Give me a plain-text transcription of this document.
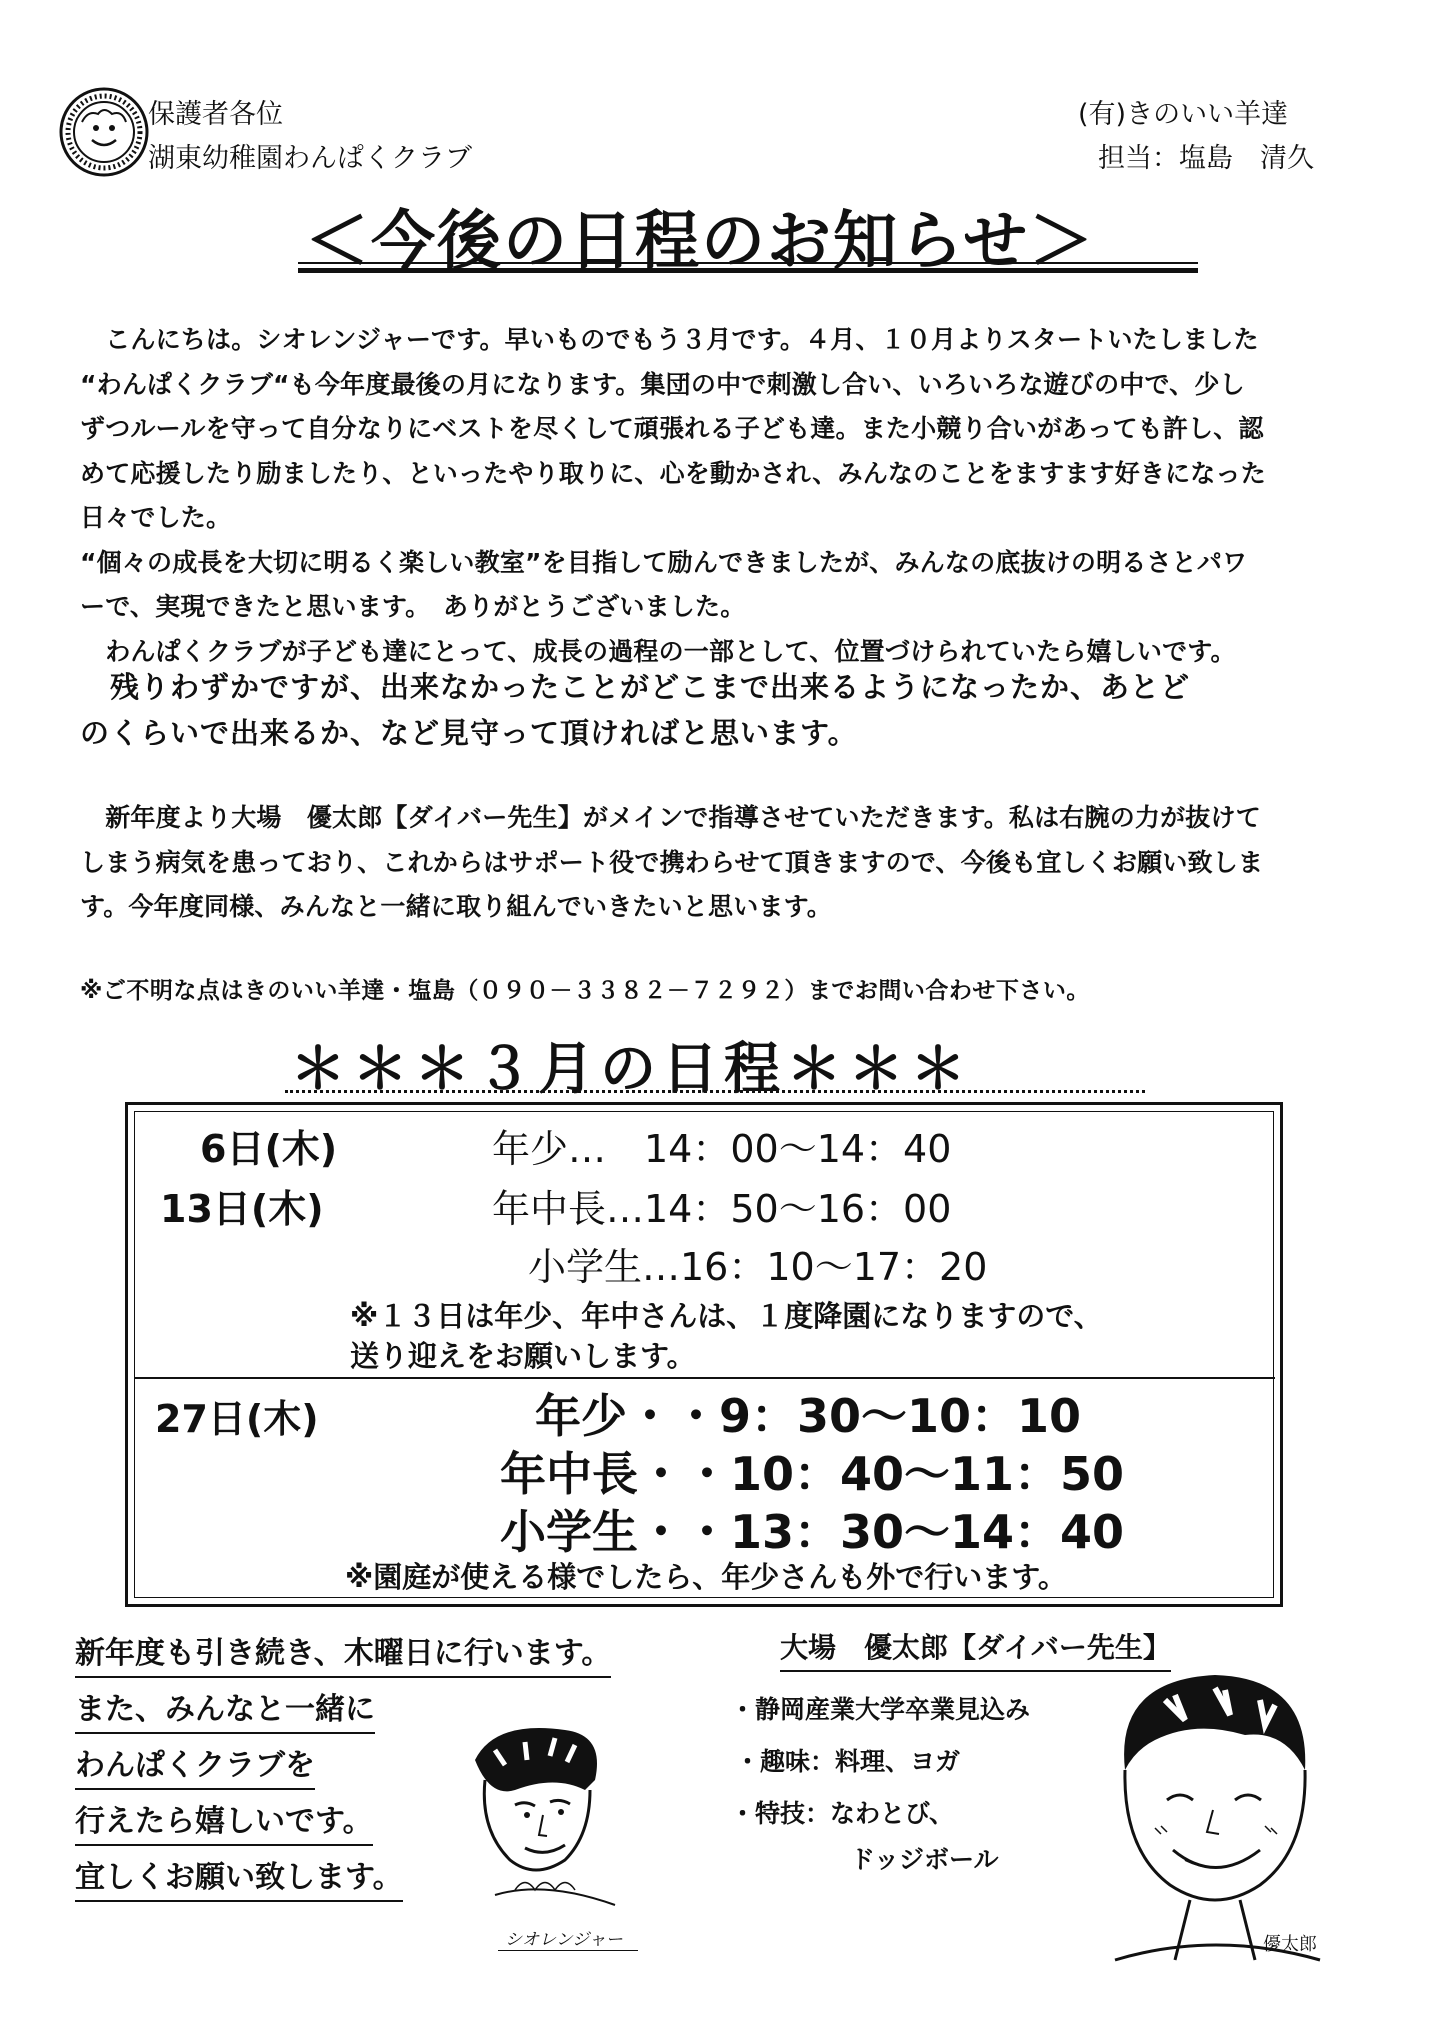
保護者各位
湖東幼稚園わんぱくクラブ
(有)きのいい羊達
担当：塩島　清久
＜今後の日程のお知らせ＞
　こんにちは。シオレンジャーです。早いものでもう３月です。４月、１０月よりスタートいたしました
“わんぱくクラブ“も今年度最後の月になります。集団の中で刺激し合い、いろいろな遊びの中で、少し
ずつルールを守って自分なりにベストを尽くして頑張れる子ども達。また小競り合いがあっても許し、認
めて応援したり励ましたり、といったやり取りに、心を動かされ、みんなのことをますます好きになった
日々でした。
“個々の成長を大切に明るく楽しい教室”を目指して励んできましたが、みんなの底抜けの明るさとパワ
ーで、実現できたと思います。　ありがとうございました。
　わんぱくクラブが子ども達にとって、成長の過程の一部として、位置づけられていたら嬉しいです。
　残りわずかですが、出来なかったことがどこまで出来るようになったか、あとど
のくらいで出来るか、など見守って頂ければと思います。
　新年度より大場　優太郎【ダイバー先生】がメインで指導させていただきます。私は右腕の力が抜けて
しまう病気を患っており、これからはサポート役で携わらせて頂きますので、今後も宜しくお願い致しま
す。今年度同様、みんなと一緒に取り組んでいきたいと思います。
※ご不明な点はきのいい羊達・塩島（０９０－３３８２－７２９２）までお問い合わせ下さい。
＊＊＊３月の日程＊＊＊
6日(木)	年少…　14：00～14：40
13日(木)	年中長…14：50～16：00
小学生…16：10～17：20
※１３日は年少、年中さんは、１度降園になりますので、
送り迎えをお願いします。
27日(木)	年少・・9：30～10：10
年中長・・10：40～11：50
小学生・・13：30～14：40
※園庭が使える様でしたら、年少さんも外で行います。
新年度も引き続き、木曜日に行います。
また、みんなと一緒に
わんぱくクラブを
行えたら嬉しいです。
宜しくお願い致します。
シオレンジャー
大場　優太郎【ダイバー先生】
・静岡産業大学卒業見込み
・趣味：料理、ヨガ
・特技：なわとび、
ドッジボール
優太郎
